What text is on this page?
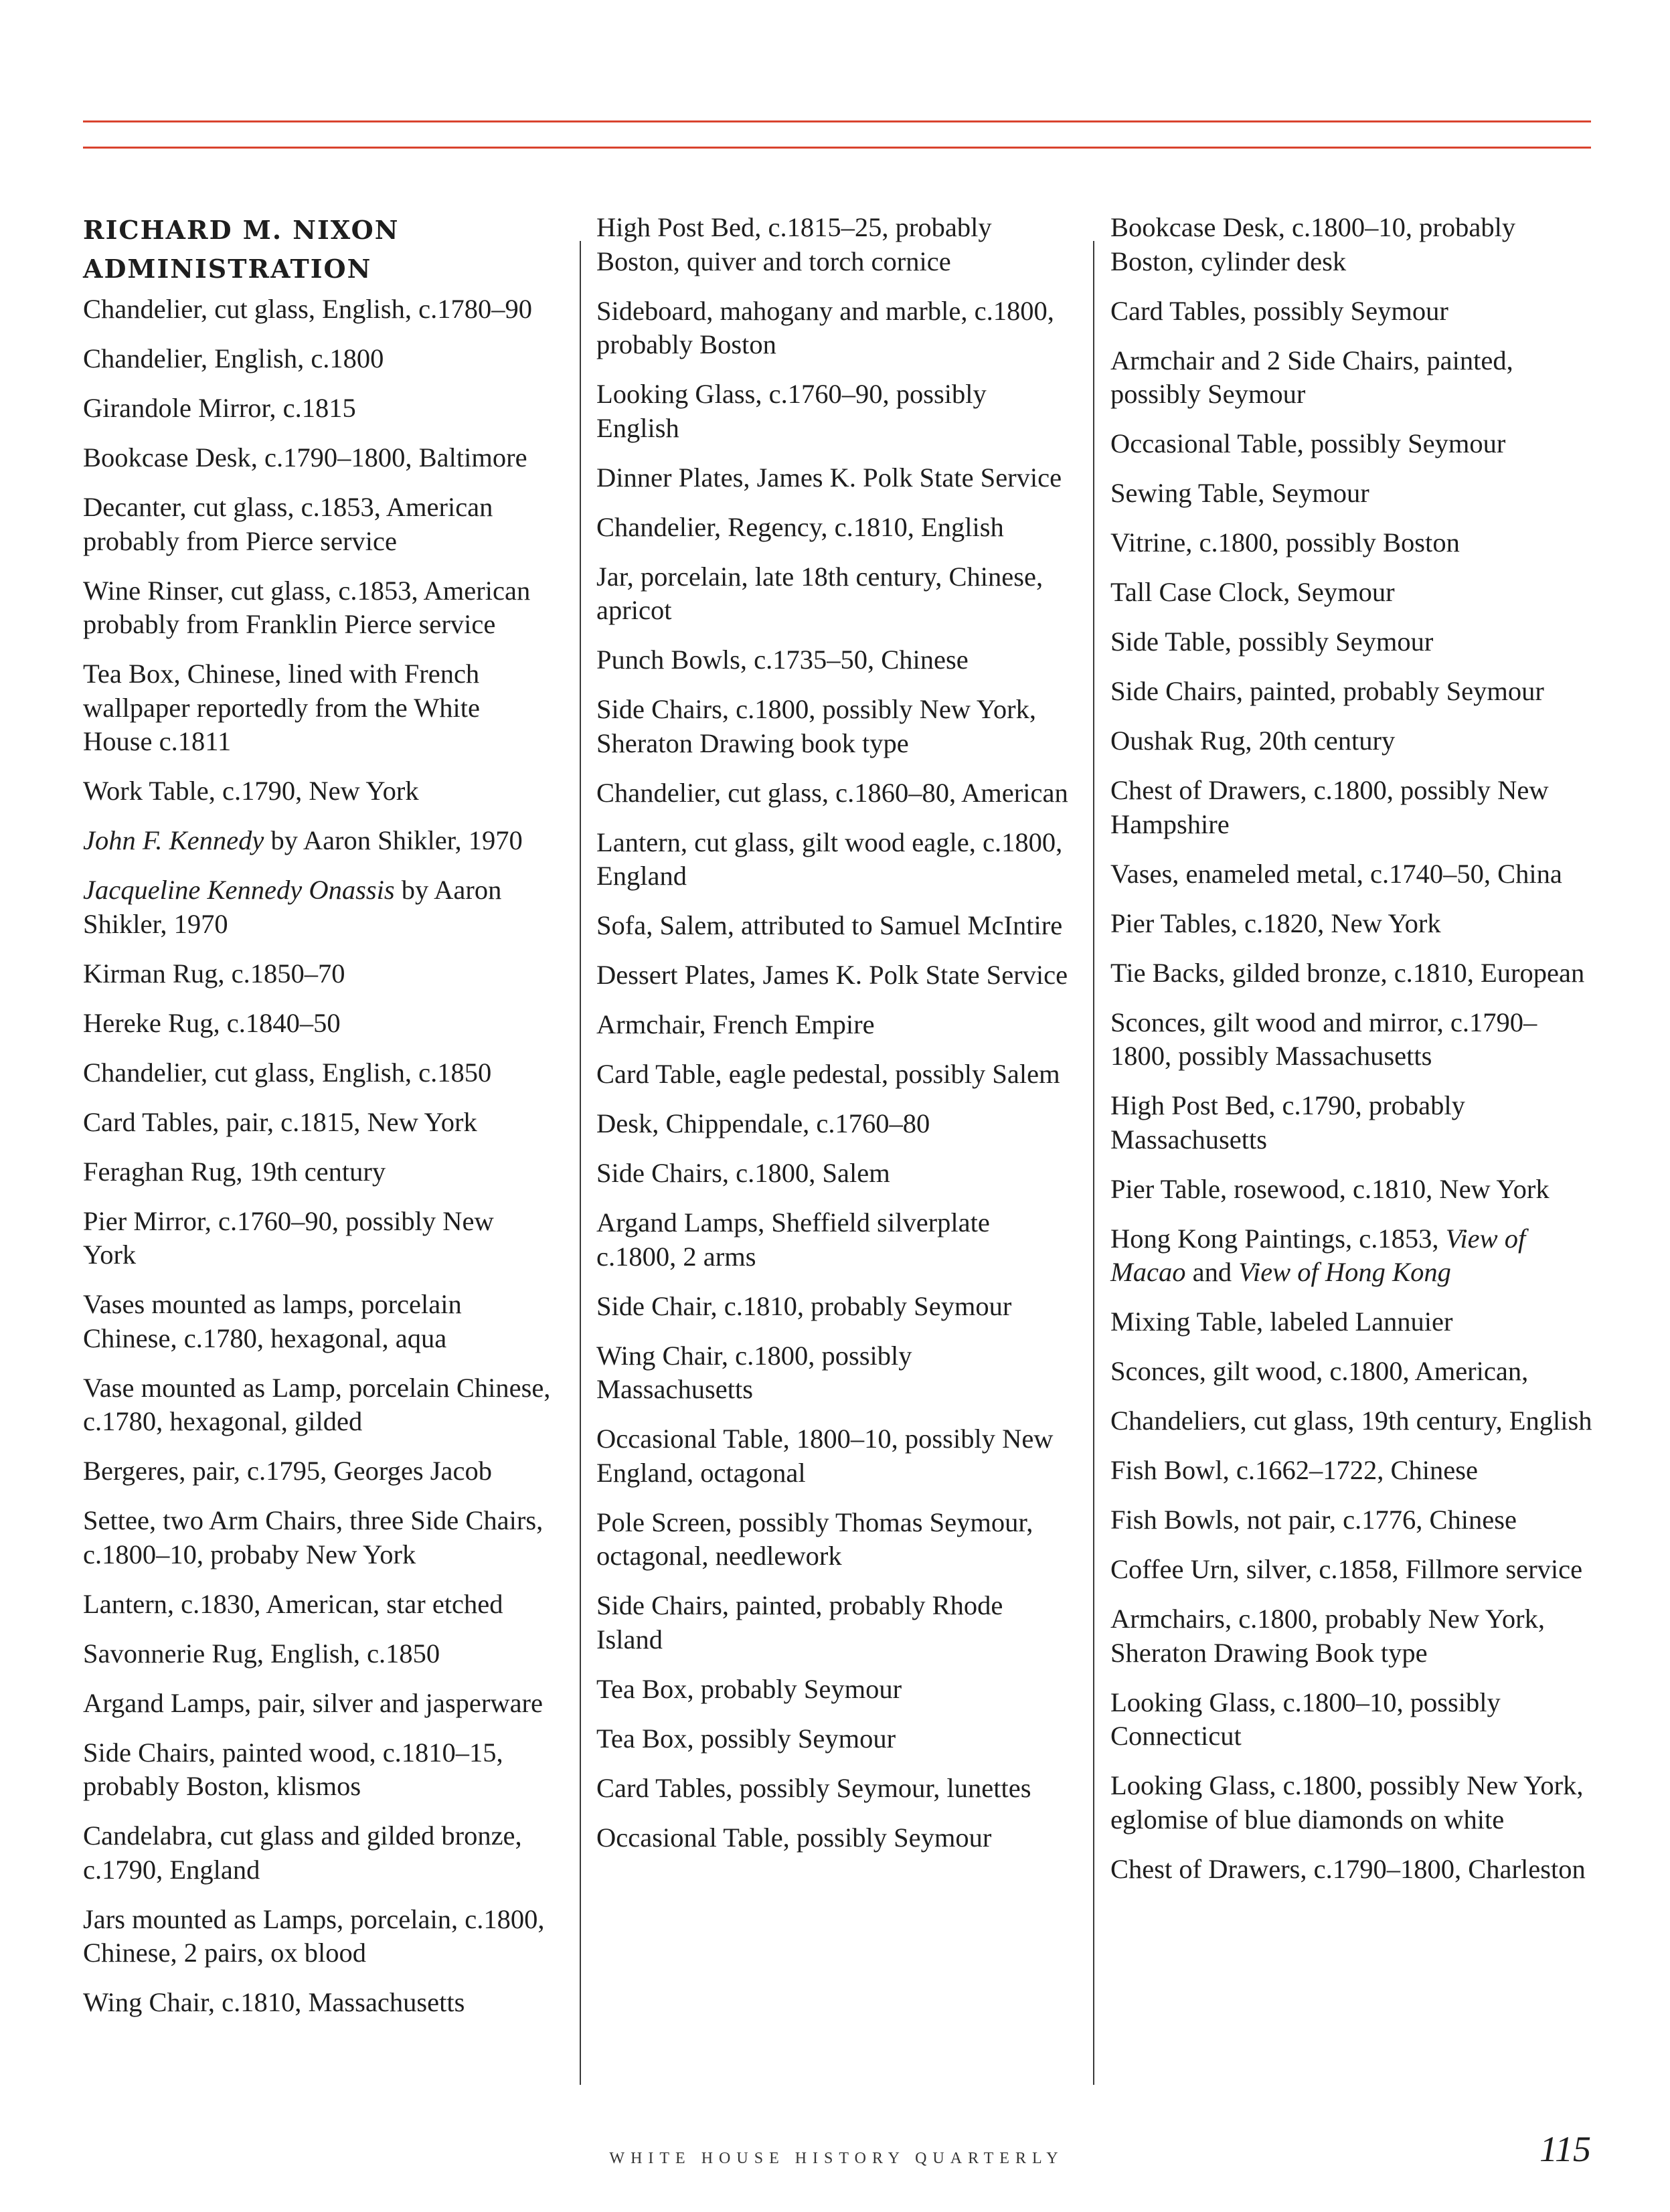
RICHARD M. NIXON ADMINISTRATION
Chandelier, cut glass, English, c.1780–90
Chandelier, English, c.1800
Girandole Mirror, c.1815
Bookcase Desk, c.1790–1800, Baltimore
Decanter, cut glass, c.1853, American probably from Pierce service
Wine Rinser, cut glass, c.1853, American probably from Franklin Pierce service
Tea Box, Chinese, lined with French wallpaper reportedly from the White House c.1811
Work Table, c.1790, New York
John F. Kennedy by Aaron Shikler, 1970
Jacqueline Kennedy Onassis by Aaron Shikler, 1970
Kirman Rug, c.1850–70
Hereke Rug, c.1840–50
Chandelier, cut glass, English, c.1850
Card Tables, pair, c.1815, New York
Feraghan Rug, 19th century
Pier Mirror, c.1760–90, possibly New York
Vases mounted as lamps, porcelain Chinese, c.1780, hexagonal, aqua
Vase mounted as Lamp, porcelain Chinese, c.1780, hexagonal, gilded
Bergeres, pair, c.1795, Georges Jacob
Settee, two Arm Chairs, three Side Chairs, c.1800–10, probaby New York
Lantern, c.1830, American, star etched
Savonnerie Rug, English, c.1850
Argand Lamps, pair, silver and jasperware
Side Chairs, painted wood, c.1810–15, probably Boston, klismos
Candelabra, cut glass and gilded bronze, c.1790, England
Jars mounted as Lamps, porcelain, c.1800, Chinese, 2 pairs, ox blood
Wing Chair, c.1810, Massachusetts
High Post Bed, c.1815–25, probably Boston, quiver and torch cornice
Sideboard, mahogany and marble, c.1800, probably Boston
Looking Glass, c.1760–90, possibly English
Dinner Plates, James K. Polk State Service
Chandelier, Regency, c.1810, English
Jar, porcelain, late 18th century, Chinese, apricot
Punch Bowls, c.1735–50, Chinese
Side Chairs, c.1800, possibly New York, Sheraton Drawing book type
Chandelier, cut glass, c.1860–80, American
Lantern, cut glass, gilt wood eagle, c.1800, England
Sofa, Salem, attributed to Samuel McIntire
Dessert Plates, James K. Polk State Service
Armchair, French Empire
Card Table, eagle pedestal, possibly Salem
Desk, Chippendale, c.1760–80
Side Chairs, c.1800, Salem
Argand Lamps, Sheffield silverplate c.1800, 2 arms
Side Chair, c.1810, probably Seymour
Wing Chair, c.1800, possibly Massachusetts
Occasional Table, 1800–10, possibly New England, octagonal
Pole Screen, possibly Thomas Seymour, octagonal, needlework
Side Chairs, painted, probably Rhode Island
Tea Box, probably Seymour
Tea Box, possibly Seymour
Card Tables, possibly Seymour, lunettes
Occasional Table, possibly Seymour
Bookcase Desk, c.1800–10, probably Boston, cylinder desk
Card Tables, possibly Seymour
Armchair and 2 Side Chairs, painted, possibly Seymour
Occasional Table, possibly Seymour
Sewing Table, Seymour
Vitrine, c.1800, possibly Boston
Tall Case Clock, Seymour
Side Table, possibly Seymour
Side Chairs, painted, probably Seymour
Oushak Rug, 20th century
Chest of Drawers, c.1800, possibly New Hampshire
Vases, enameled metal, c.1740–50, China
Pier Tables, c.1820, New York
Tie Backs, gilded bronze, c.1810, European
Sconces, gilt wood and mirror, c.1790–1800, possibly Massachusetts
High Post Bed, c.1790, probably Massachusetts
Pier Table, rosewood, c.1810, New York
Hong Kong Paintings, c.1853, View of Macao and View of Hong Kong
Mixing Table, labeled Lannuier
Sconces, gilt wood, c.1800, American,
Chandeliers, cut glass, 19th century, English
Fish Bowl, c.1662–1722, Chinese
Fish Bowls, not pair, c.1776, Chinese
Coffee Urn, silver, c.1858, Fillmore service
Armchairs, c.1800, probably New York, Sheraton Drawing Book type
Looking Glass, c.1800–10, possibly Connecticut
Looking Glass, c.1800, possibly New York, eglomise of blue diamonds on white
Chest of Drawers, c.1790–1800, Charleston
WHITE HOUSE HISTORY QUARTERLY	115
